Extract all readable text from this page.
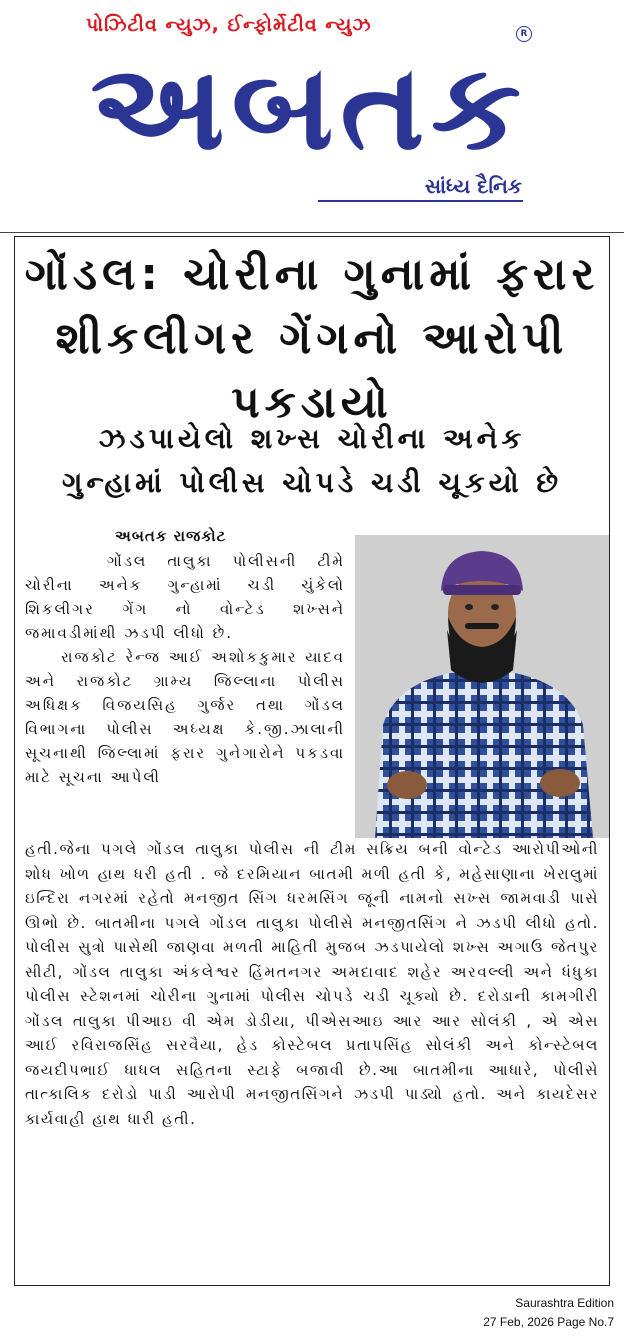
પોઝિટીવ ન્યુઝ, ઈન્ફોર્મેટીવ ન્યુઝ
અબતક
R
સાંધ્ય દૈનિક
ગોંડલ: ચોરીના ગુનામાં ફરાર
શીકલીગર ગેંગનો આરોપી પકડાયો
ઝડપાયેલો શખ્સ ચોરીના અનેક
ગુન્હામાં પોલીસ ચોપડે ચડી ચૂકયો છે
અબતક રાજકોટ

ગોંડલ તાલુકા પોલીસની ટીમે ચોરીના અનેક ગુન્હામાં ચડી ચુંકેલો શિકલીગર ગેંગ નો વોન્ટેડ શખ્સને જમાવડીમાંથી ઝડપી લીધો છે.

રાજકોટ રેન્જ આઈ અશોકકુમાર યાદવ અને રાજકોટ ગ્રામ્ય જિલ્લાના પોલીસ અધિક્ષક વિજયસિહ ગુર્જર તથા ગોંડલ વિભાગના પોલીસ અધ્યક્ષ કે.જી.ઝાલાની સૂચનાથી જિલ્લામાં ફરાર ગુનેગારોને પકડવા માટે સૂચના આપેલી

હતી.જેના પગલે ગોંડલ તાલુકા પોલીસ ની ટીમ સક્રિય બની વોન્ટેડ આરોપીઓની શોધ ખોળ હાથ ધરી હતી . જે દરમિયાન બાતમી મળી હતી કે, મહેસાણાના ખેરાલુમાં ઇન્દિરા નગરમાં રહેતો મનજીત સિંગ ધરમસિંગ જૂની નામનો સખ્સ જામવાડી પાસે ઊભો છે. બાતમીના પગલે ગોંડલ તાલુકા પોલીસે મનજીતસિંગ ને ઝડપી લીધો હતો. પોલીસ સુત્રો પાસેથી જાણવા મળતી માહિતી મુજબ ઝડપાયેલો શખ્સ અગાઉ જેતપુર સીટી, ગોંડલ તાલુકા અંકલેશ્વર હિંમતનગર અમદાવાદ શહેર અરવલ્લી અને ધંધુકા પોલીસ સ્ટેશનમાં ચોરીના ગુનામાં પોલીસ ચોપડે ચડી ચૂક્યો છે. દરોડાની કામગીરી ગોંડલ તાલુકા પીઆઇ વી એમ ડોડીયા, પીએસઆઇ આર આર સોલંકી , એ એસ આઈ રવિરાજસિંહ સરવૈયા, હેડ કોસ્ટેબલ પ્રતાપસિંહ સોલંકી અને કોન્સ્ટેબલ જયદીપભાઈ ધાધલ સહિતના સ્ટાફે બજાવી છે.આ બાતમીના આધારે, પોલીસે તાત્કાલિક દરોડો પાડી આરોપી મનજીતસિંગને ઝડપી પાડ્યો હતો. અને કાયદેસર કાર્યવાહી હાથ ધારી હતી.

Saurashtra Edition
27 Feb, 2026 Page No.7
